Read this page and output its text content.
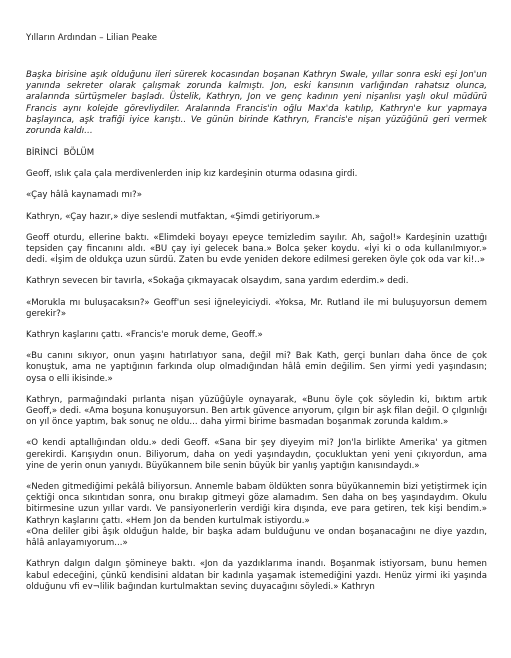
Yılların Ardından – Lilian Peake
Başka birisine aşık olduğunu ileri sürerek kocasından boşanan Kathryn Swale, yıllar sonra eski eşi Jon'un yanında sekreter olarak çalışmak zorunda kalmıştı. Jon, eski karısının varlığından rahatsız olunca, aralarında sürtüşmeler başladı. Üstelik, Kathryn, Jon ve genç kadının yeni nişanlısı yaşlı okul müdürü Francis aynı kolejde görevliydiler. Aralarında Francis'in oğlu Max'da katılıp, Kathryn'e kur yapmaya başlayınca, aşk trafiği iyice karıştı.. Ve günün birinde Kathryn, Francis'e nişan yüzüğünü geri vermek zorunda kaldı…
BİRİNCİ BÖLÜM
Geoff, ıslık çala çala merdivenlerden inip kız kardeşinin oturma odasına girdi.
«Çay hâlâ kaynamadı mı?»
Kathryn, «Çay hazır,» diye seslendi mutfaktan, «Şimdi getiriyorum.»
Geoff oturdu, ellerine baktı. «Elimdeki boyayı epeyce temizledim sayılır. Ah, sağol!» Kardeşinin uzattığı tepsiden çay fincanını aldı. «BU çay iyi gelecek bana.» Bolca şeker koydu. «İyi ki o oda kullanılmıyor.» dedi. «İşim de oldukça uzun sürdü. Zaten bu evde yeniden dekore edilmesi gereken öyle çok oda var ki!..»
Kathryn sevecen bir tavırla, «Sokağa çıkmayacak olsaydım, sana yardım ederdim.» dedi.
«Morukla mı buluşacaksın?» Geoff'un sesi iğneleyiciydi. «Yoksa, Mr. Rutland ile mi buluşuyorsun demem gerekir?»
Kathryn kaşlarını çattı. «Francis'e moruk deme, Geoff.»
«Bu canını sıkıyor, onun yaşını hatırlatıyor sana, değil mi? Bak Kath, gerçi bunları daha önce de çok konuştuk, ama ne yaptığının farkında olup olmadığından hâlâ emin değilim. Sen yirmi yedi yaşındasın; oysa o elli ikisinde.»
Kathryn, parmağındaki pırlanta nişan yüzüğüyle oynayarak, «Bunu öyle çok söyledin ki, bıktım artık Geoff,» dedi. «Ama boşuna konuşuyorsun. Ben artık güvence arıyorum, çılgın bir aşk filan değil. O çılgınlığı on yıl önce yaptım, bak sonuç ne oldu... daha yirmi birime basmadan boşanmak zorunda kaldım.»
«O kendi aptallığından oldu.» dedi Geoff. «Sana bir şey diyeyim mi? Jon'la birlikte Amerika' ya gitmen gerekirdi. Karışıydın onun. Biliyorum, daha on yedi yaşındaydın, çocukluktan yeni yeni çıkıyordun, ama yine de yerin onun yanıydı. Büyükannem bile senin büyük bir yanlış yaptığın kanısındaydı.»
«Neden gitmediğimi pekâlâ biliyorsun. Annemle babam öldükten sonra büyükannemin bizi yetiştirmek için çektiği onca sıkıntıdan sonra, onu bırakıp gitmeyi göze alamadım. Sen daha on beş yaşındaydım. Okulu bitirmesine uzun yıllar vardı. Ve pansiyonerlerin verdiği kira dışında, eve para getiren, tek kişi bendim.» Kathryn kaşlarını çattı. «Hem Jon da benden kurtulmak istiyordu.»
«Ona deliler gibi âşık olduğun halde, bir başka adam bulduğunu ve ondan boşanacağını ne diye yazdın, hâlâ anlayamıyorum...»
Kathryn dalgın dalgın şömineye baktı. «Jon da yazdıklarıma inandı. Boşanmak istiyorsam, bunu hemen kabul edeceğini, çünkü kendisini aldatan bir kadınla yaşamak istemediğini yazdı. Henüz yirmi iki yaşında olduğunu vfi ev¬lilik bağından kurtulmaktan sevinç duyacağını söyledi.» Kathryn
